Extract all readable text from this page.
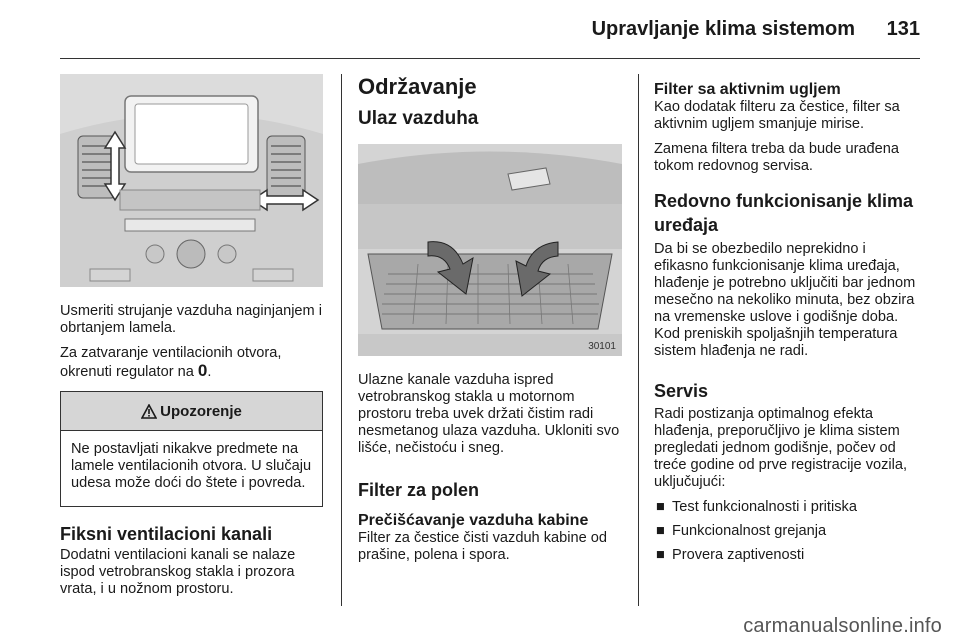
Upravljanje klima sistemom 131

Usmeriti strujanje vazduha naginjanjem i obrtanjem lamela.

Za zatvaranje ventilacionih otvora, okrenuti regulator na 0.

Upozorenje

Ne postavljati nikakve predmete na lamele ventilacionih otvora. U slučaju udesa može doći do štete i povreda.

Fiksni ventilacioni kanali

Dodatni ventilacioni kanali se nalaze ispod vetrobranskog stakla i prozora vrata, i u nožnom prostoru.

Održavanje
Ulaz vazduha
30101

Ulazne kanale vazduha ispred vetrobranskog stakla u motornom prostoru treba uvek držati čistim radi nesmetanog ulaza vazduha. Ukloniti svo lišće, nečistoću i sneg.

Filter za polen
Prečišćavanje vazduha kabine

Filter za čestice čisti vazduh kabine od prašine, polena i spora.

Filter sa aktivnim ugljem

Kao dodatak filteru za čestice, filter sa aktivnim ugljem smanjuje mirise.

Zamena filtera treba da bude urađena tokom redovnog servisa.

Redovno funkcionisanje klima uređaja

Da bi se obezbedilo neprekidno i efikasno funkcionisanje klima uređaja, hlađenje je potrebno uključiti bar jednom mesečno na nekoliko minuta, bez obzira na vremenske uslove i godišnje doba. Kod preniskih spoljašnjih temperatura sistem hlađenja ne radi.

Servis

Radi postizanja optimalnog efekta hlađenja, preporučljivo je klima sistem pregledati jednom godišnje, počev od treće godine od prve registracije vozila, uključujući:

■ Test funkcionalnosti i pritiska
■ Funkcionalnost grejanja
■ Provera zaptivenosti
carmanualsonline.info
